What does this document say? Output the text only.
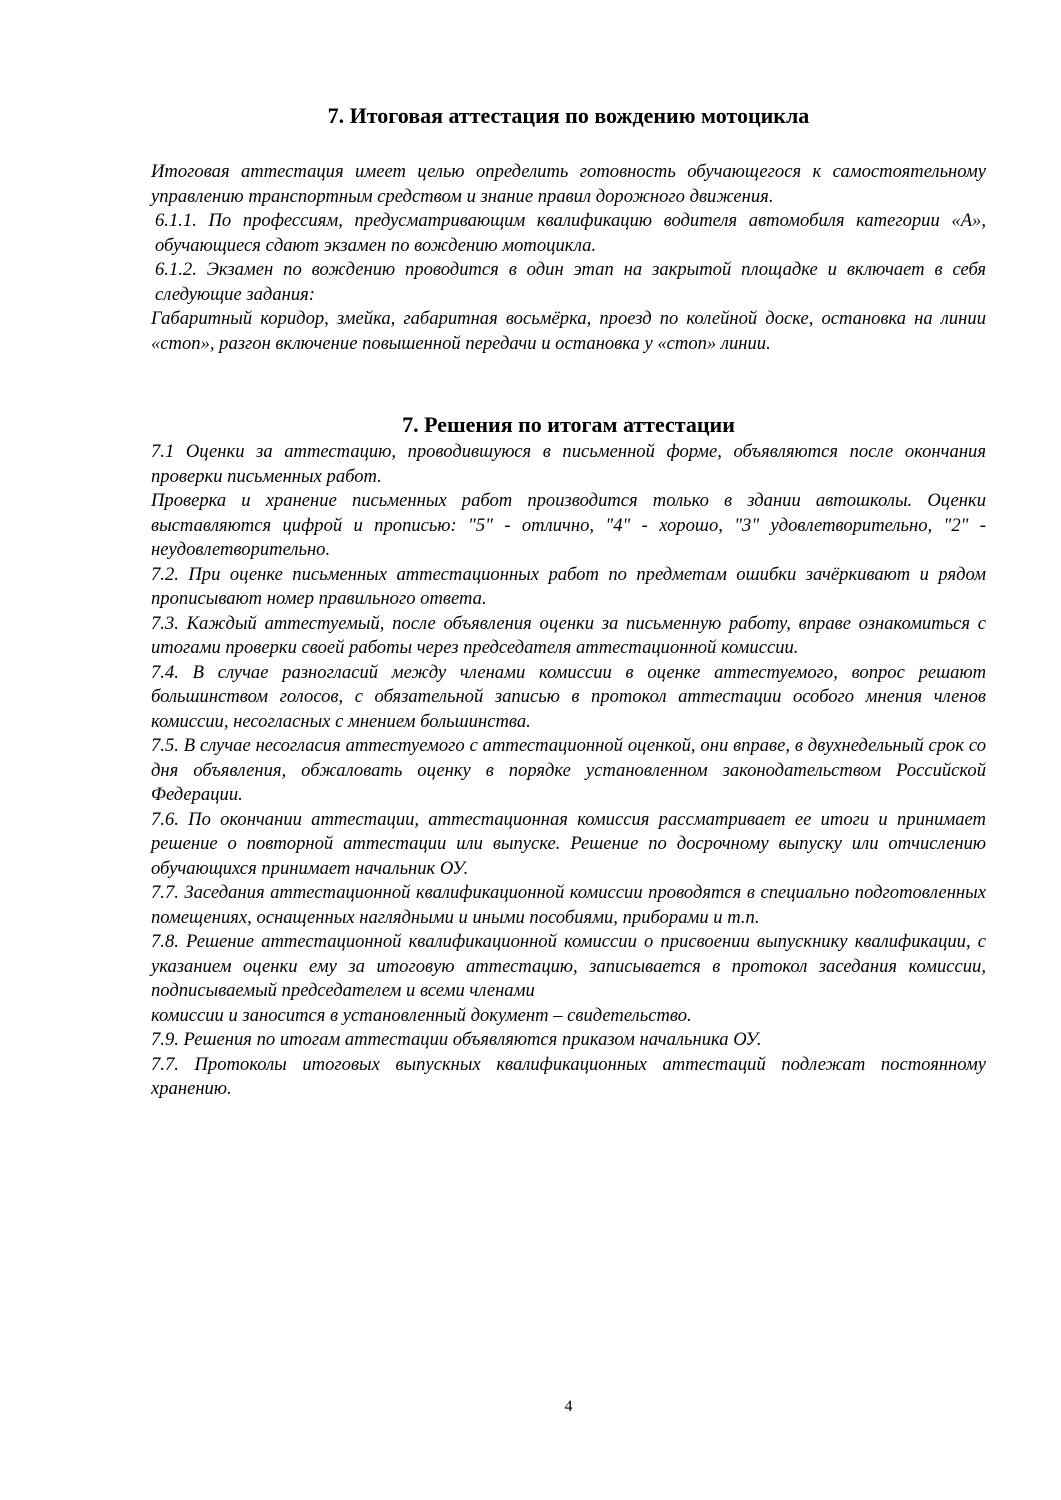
7. Итоговая аттестация по вождению мотоцикла

Итоговая аттестация имеет целью определить готовность обучающегося к самостоятельному управлению транспортным средством и знание правил дорожного движения.

6.1.1. По профессиям, предусматривающим квалификацию водителя автомобиля категории «А», обучающиеся сдают экзамен по вождению мотоцикла.

6.1.2. Экзамен по вождению проводится в один этап на закрытой площадке и включает в себя следующие задания:

Габаритный коридор, змейка, габаритная восьмёрка, проезд по колейной доске, остановка на линии «стоп», разгон включение повышенной передачи и остановка у «стоп» линии.

7. Решения по итогам аттестации

7.1 Оценки за аттестацию, проводившуюся в письменной форме, объявляются после окончания проверки письменных работ.

Проверка и хранение письменных работ производится только в здании автошколы. Оценки выставляются цифрой и прописью: "5" - отлично, "4" - хорошо, "3" удовлетворительно, "2" - неудовлетворительно.

7.2. При оценке письменных аттестационных работ по предметам ошибки зачёркивают и рядом прописывают номер правильного ответа.

7.3. Каждый аттестуемый, после объявления оценки за письменную работу, вправе ознакомиться с итогами проверки своей работы через председателя аттестационной комиссии.

7.4. В случае разногласий между членами комиссии в оценке аттестуемого, вопрос решают большинством голосов, с обязательной записью в протокол аттестации особого мнения членов комиссии, несогласных с мнением большинства.

7.5. В случае несогласия аттестуемого с аттестационной оценкой, они вправе, в двухнедельный срок со дня объявления, обжаловать оценку в порядке установленном законодательством Российской Федерации.

7.6. По окончании аттестации, аттестационная комиссия рассматривает ее итоги и принимает решение о повторной аттестации или выпуске. Решение по досрочному выпуску или отчислению обучающихся принимает начальник ОУ.

7.7. Заседания аттестационной квалификационной комиссии проводятся в специально подготовленных помещениях, оснащенных наглядными и иными пособиями, приборами и т.п.

7.8. Решение аттестационной квалификационной комиссии о присвоении выпускнику квалификации, с указанием оценки ему за итоговую аттестацию, записывается в протокол заседания комиссии, подписываемый председателем и всеми членами

комиссии и заносится в установленный документ – свидетельство.

7.9. Решения по итогам аттестации объявляются приказом начальника ОУ.

7.7. Протоколы итоговых выпускных квалификационных аттестаций подлежат постоянному хранению.

4
